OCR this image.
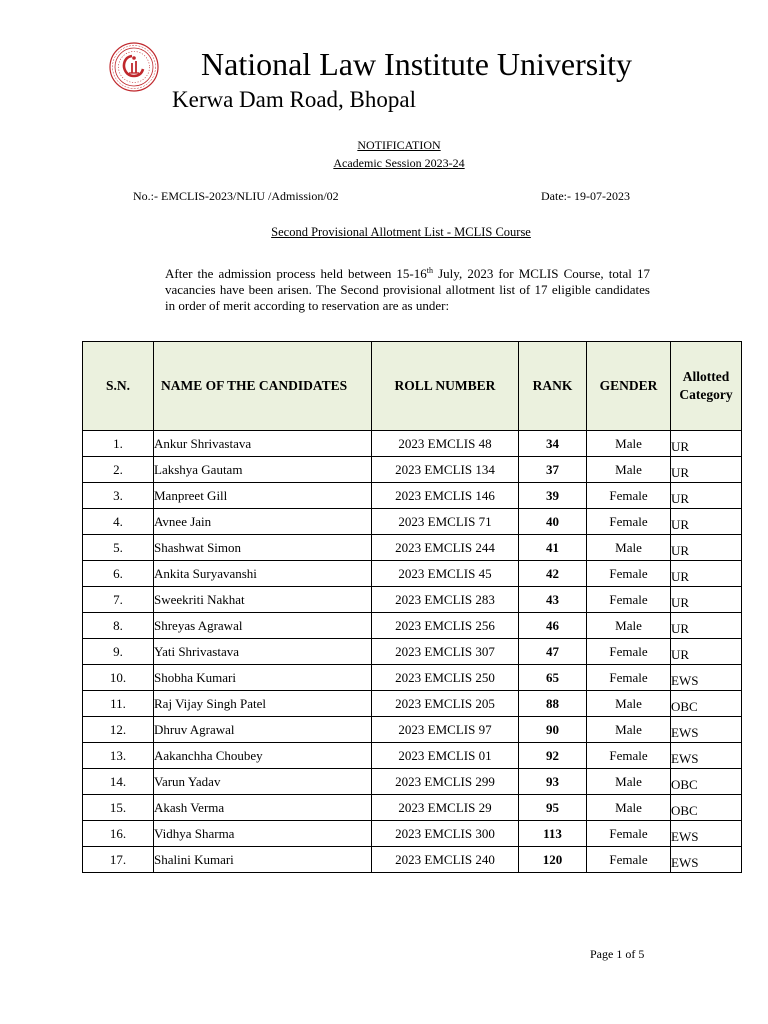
National Law Institute University
Kerwa Dam Road, Bhopal
NOTIFICATION
Academic Session 2023-24
No.:- EMCLIS-2023/NLIU /Admission/02	Date:- 19-07-2023
Second Provisional Allotment List - MCLIS Course
After the admission process held between 15-16th July, 2023 for MCLIS Course, total 17 vacancies have been arisen. The Second provisional allotment list of 17 eligible candidates in order of merit according to reservation are as under:
S.N.	NAME OF THE CANDIDATES	ROLL NUMBER	RANK	GENDER	Allotted Category
1.	Ankur Shrivastava	2023 EMCLIS 48	34	Male	UR
2.	Lakshya Gautam	2023 EMCLIS 134	37	Male	UR
3.	Manpreet Gill	2023 EMCLIS 146	39	Female	UR
4.	Avnee Jain	2023 EMCLIS 71	40	Female	UR
5.	Shashwat Simon	2023 EMCLIS 244	41	Male	UR
6.	Ankita Suryavanshi	2023 EMCLIS 45	42	Female	UR
7.	Sweekriti Nakhat	2023 EMCLIS 283	43	Female	UR
8.	Shreyas Agrawal	2023 EMCLIS 256	46	Male	UR
9.	Yati Shrivastava	2023 EMCLIS 307	47	Female	UR
10.	Shobha Kumari	2023 EMCLIS 250	65	Female	EWS
11.	Raj Vijay Singh Patel	2023 EMCLIS 205	88	Male	OBC
12.	Dhruv Agrawal	2023 EMCLIS 97	90	Male	EWS
13.	Aakanchha Choubey	2023 EMCLIS 01	92	Female	EWS
14.	Varun Yadav	2023 EMCLIS 299	93	Male	OBC
15.	Akash Verma	2023 EMCLIS 29	95	Male	OBC
16.	Vidhya Sharma	2023 EMCLIS 300	113	Female	EWS
17.	Shalini Kumari	2023 EMCLIS 240	120	Female	EWS
Page 1 of 5
